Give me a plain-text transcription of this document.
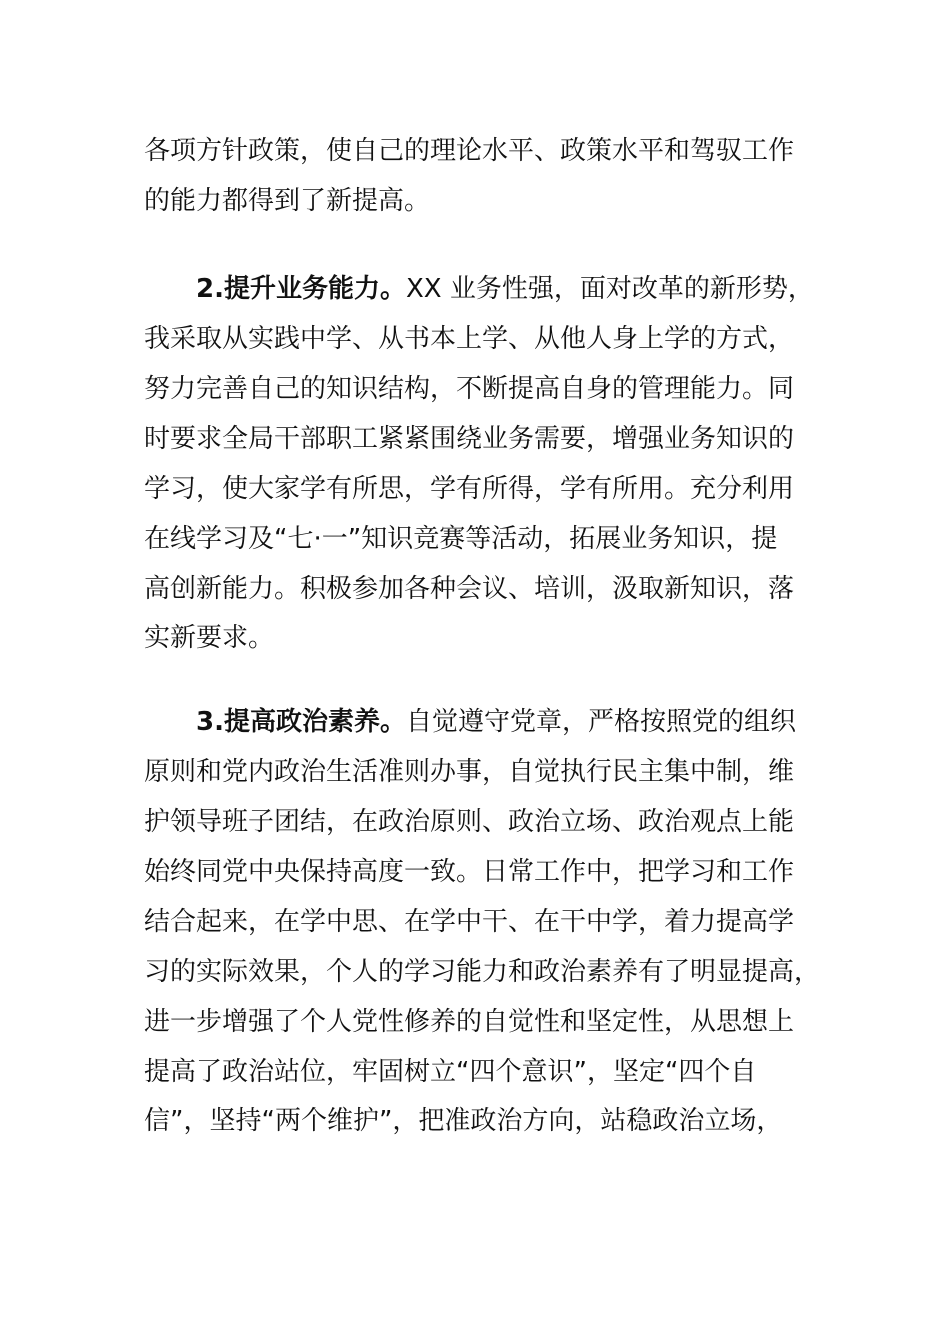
各项方针政策，使自己的理论水平、政策水平和驾驭工作
的能力都得到了新提高。
2.提升业务能力。XX 业务性强，面对改革的新形势，
我采取从实践中学、从书本上学、从他人身上学的方式，
努力完善自己的知识结构，不断提高自身的管理能力。同
时要求全局干部职工紧紧围绕业务需要，增强业务知识的
学习，使大家学有所思，学有所得，学有所用。充分利用
在线学习及“七·一”知识竞赛等活动，拓展业务知识，提
高创新能力。积极参加各种会议、培训，汲取新知识，落
实新要求。
3.提高政治素养。自觉遵守党章，严格按照党的组织
原则和党内政治生活准则办事，自觉执行民主集中制，维
护领导班子团结，在政治原则、政治立场、政治观点上能
始终同党中央保持高度一致。日常工作中，把学习和工作
结合起来，在学中思、在学中干、在干中学，着力提高学
习的实际效果，个人的学习能力和政治素养有了明显提高，
进一步增强了个人党性修养的自觉性和坚定性，从思想上
提高了政治站位，牢固树立“四个意识”，坚定“四个自
信”，坚持“两个维护”，把准政治方向，站稳政治立场，
